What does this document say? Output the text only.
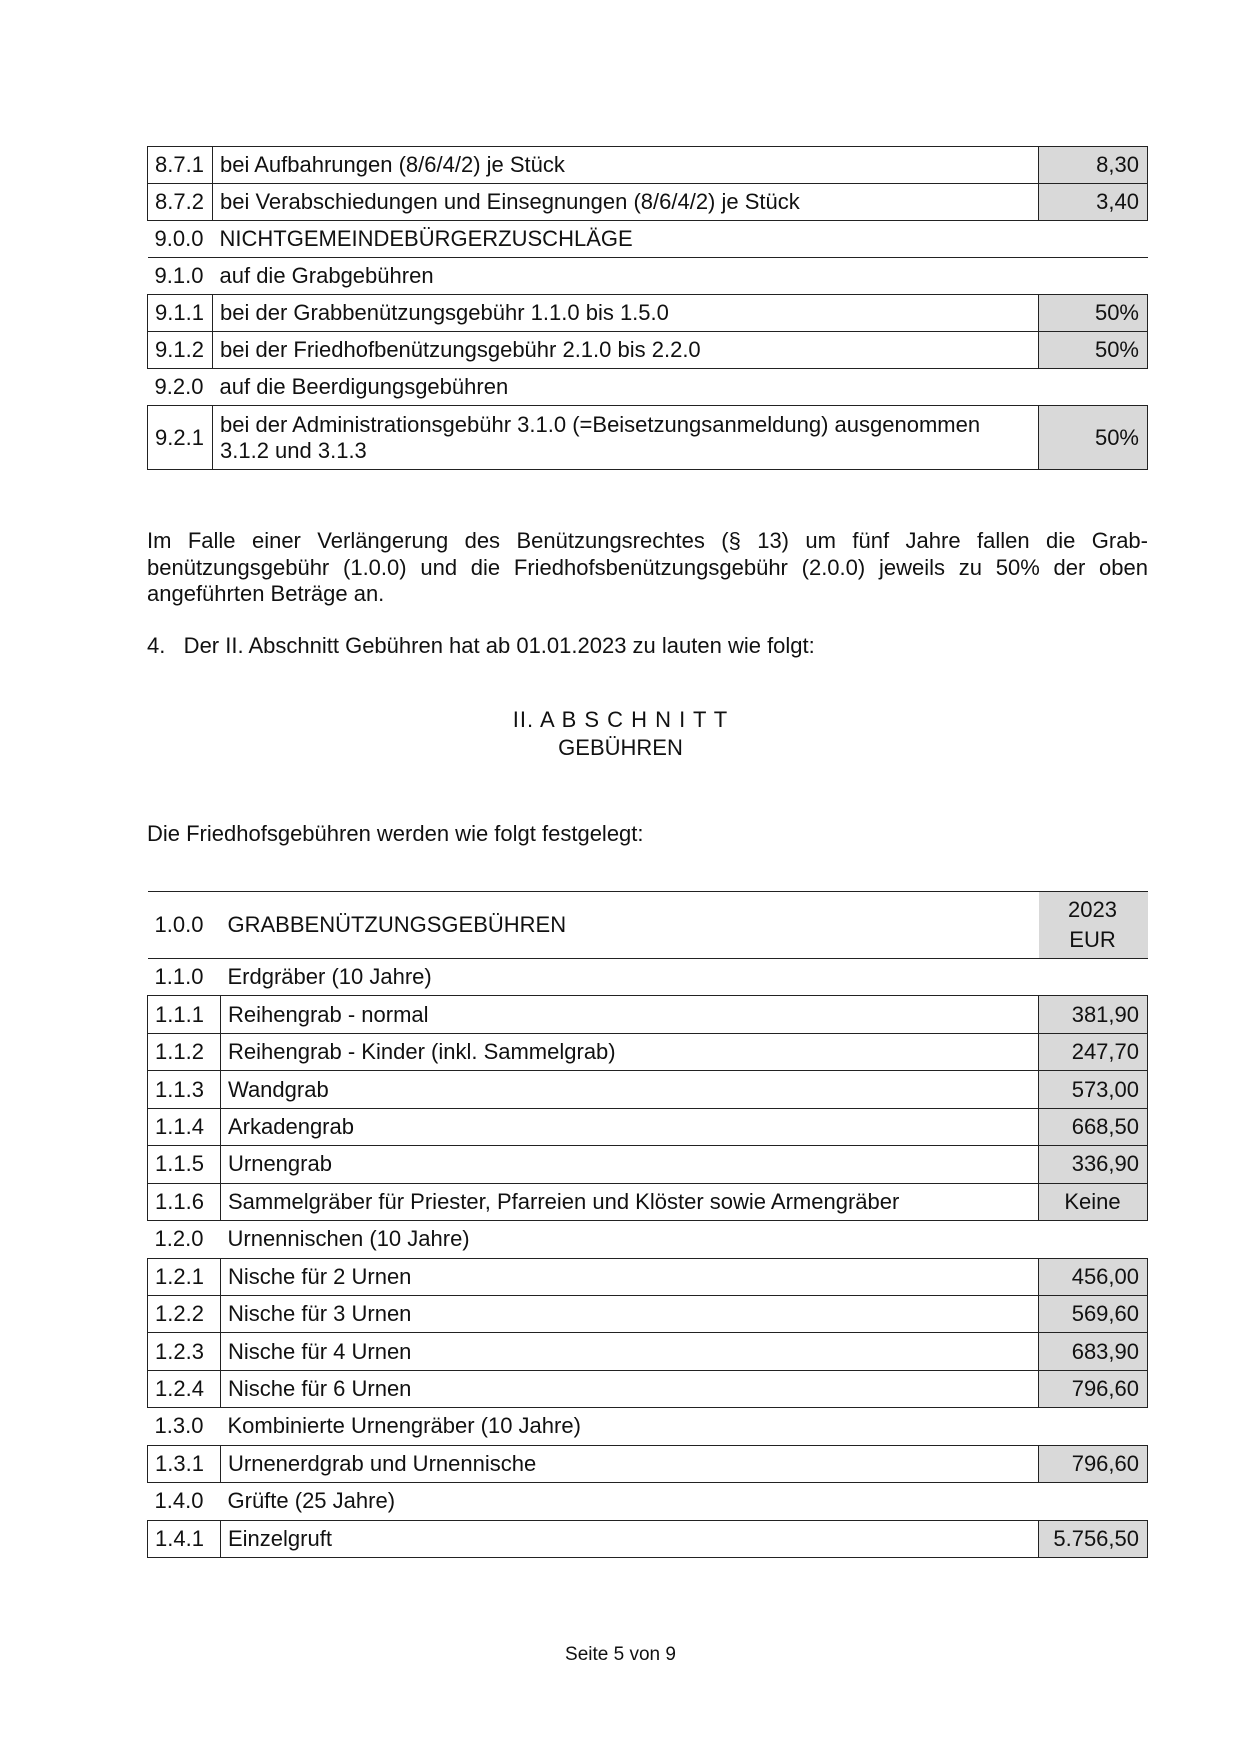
8.7.1	bei Aufbahrungen (8/6/4/2) je Stück	8,30
8.7.2	bei Verabschiedungen und Einsegnungen (8/6/4/2) je Stück	3,40
9.0.0	NICHTGEMEINDEBÜRGERZUSCHLÄGE	
9.1.0	auf die Grabgebühren	
9.1.1	bei der Grabbenützungsgebühr 1.1.0 bis 1.5.0	50%
9.1.2	bei der Friedhofbenützungsgebühr 2.1.0 bis 2.2.0	50%
9.2.0	auf die Beerdigungsgebühren	
9.2.1	bei der Administrationsgebühr 3.1.0 (=Beisetzungsanmeldung) ausgenommen 3.1.2 und 3.1.3	50%
Im Falle einer Verlängerung des Benützungsrechtes (§ 13) um fünf Jahre fallen die Grab-benützungsgebühr (1.0.0) und die Friedhofsbenützungsgebühr (2.0.0) jeweils zu 50% der oben angeführten Beträge an.
4.   Der II. Abschnitt Gebühren hat ab 01.01.2023 zu lauten wie folgt:
II. A B S C H N I T T
GEBÜHREN
Die Friedhofsgebühren werden wie folgt festgelegt:
1.0.0	GRABBENÜTZUNGSGEBÜHREN	2023
EUR
1.1.0	Erdgräber (10 Jahre)	
1.1.1	Reihengrab - normal	381,90
1.1.2	Reihengrab - Kinder (inkl. Sammelgrab)	247,70
1.1.3	Wandgrab	573,00
1.1.4	Arkadengrab	668,50
1.1.5	Urnengrab	336,90
1.1.6	Sammelgräber für Priester, Pfarreien und Klöster sowie Armengräber	Keine
1.2.0	Urnennischen (10 Jahre)	
1.2.1	Nische für 2 Urnen	456,00
1.2.2	Nische für 3 Urnen	569,60
1.2.3	Nische für 4 Urnen	683,90
1.2.4	Nische für 6 Urnen	796,60
1.3.0	Kombinierte Urnengräber (10 Jahre)	
1.3.1	Urnenerdgrab und Urnennische	796,60
1.4.0	Grüfte (25 Jahre)	
1.4.1	Einzelgruft	5.756,50
Seite 5 von 9
